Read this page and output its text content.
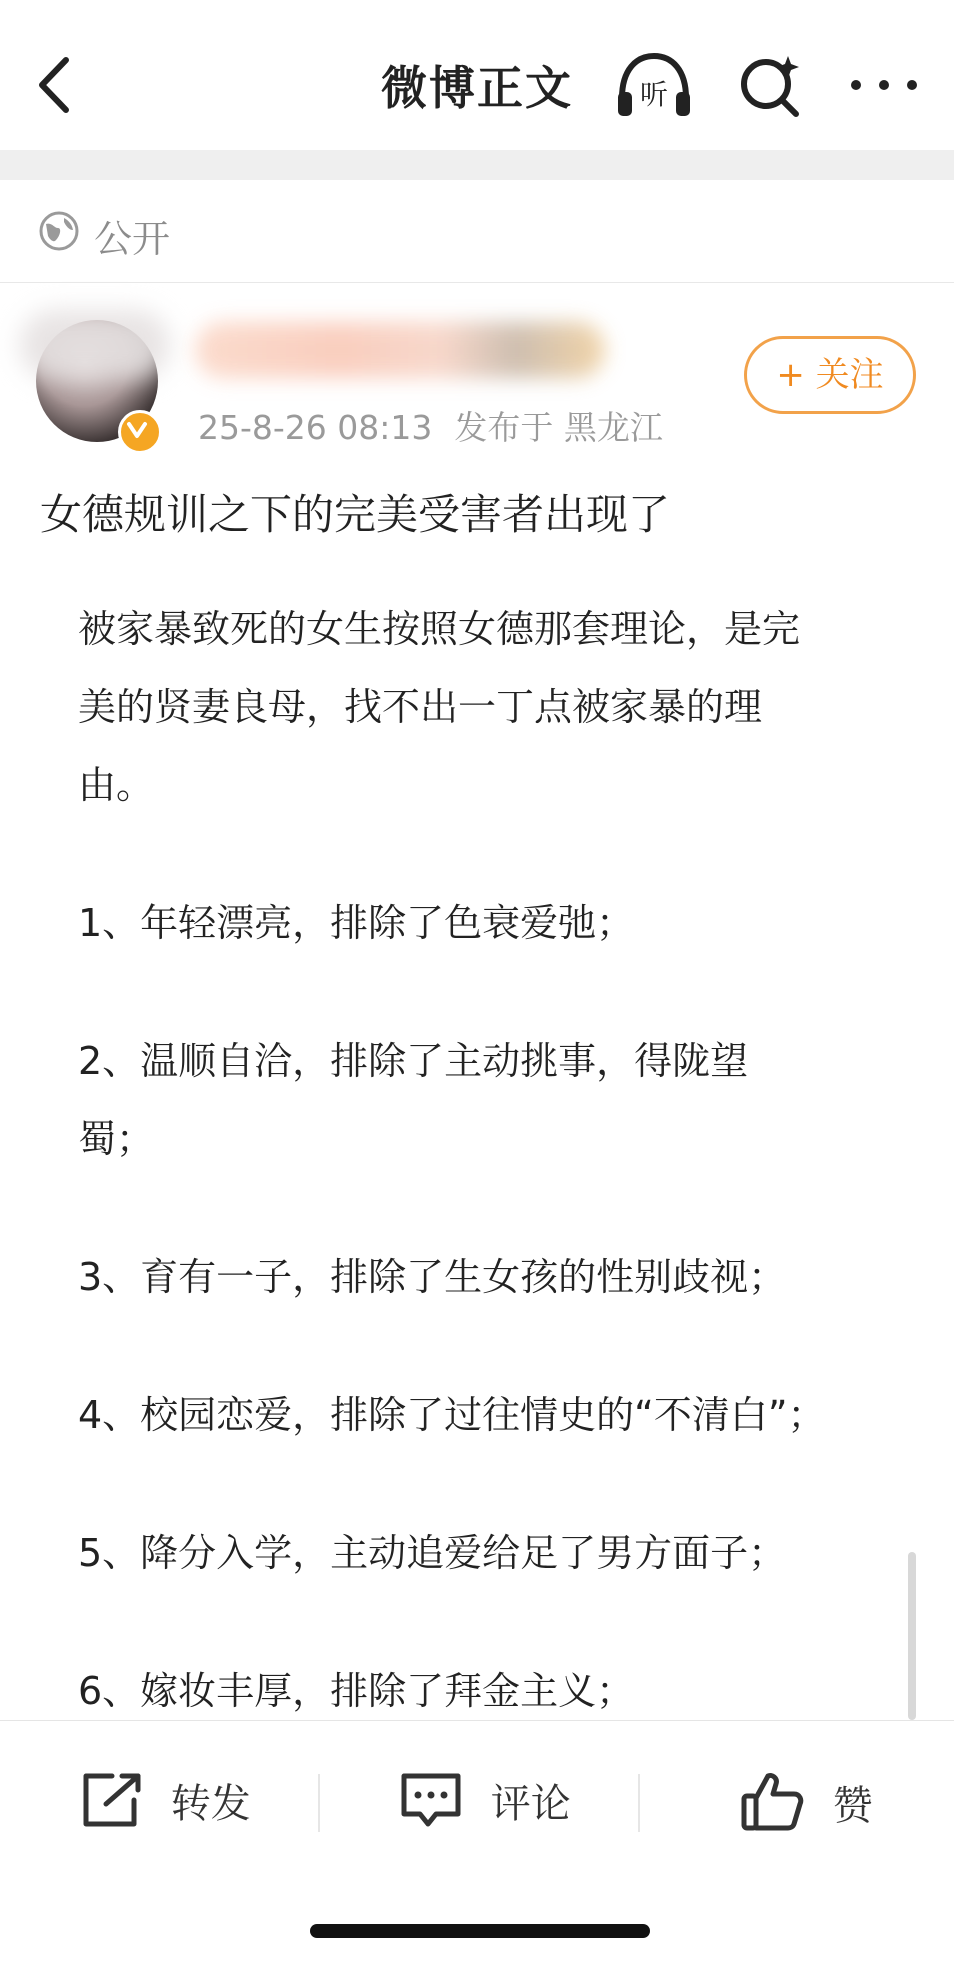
微博正文	听
公开
25-8-26 08:13 发布于 黑龙江
+ 关注
女德规训之下的完美受害者出现了

被家暴致死的女生按照女德那套理论，是完

美的贤妻良母，找不出一丁点被家暴的理

由。

1、年轻漂亮，排除了色衰爱弛；

2、温顺自洽，排除了主动挑事，得陇望

蜀；

3、育有一子，排除了生女孩的性别歧视；

4、校园恋爱，排除了过往情史的“不清白”；

5、降分入学，主动追爱给足了男方面子；

6、嫁妆丰厚，排除了拜金主义；

转发	评论	赞
